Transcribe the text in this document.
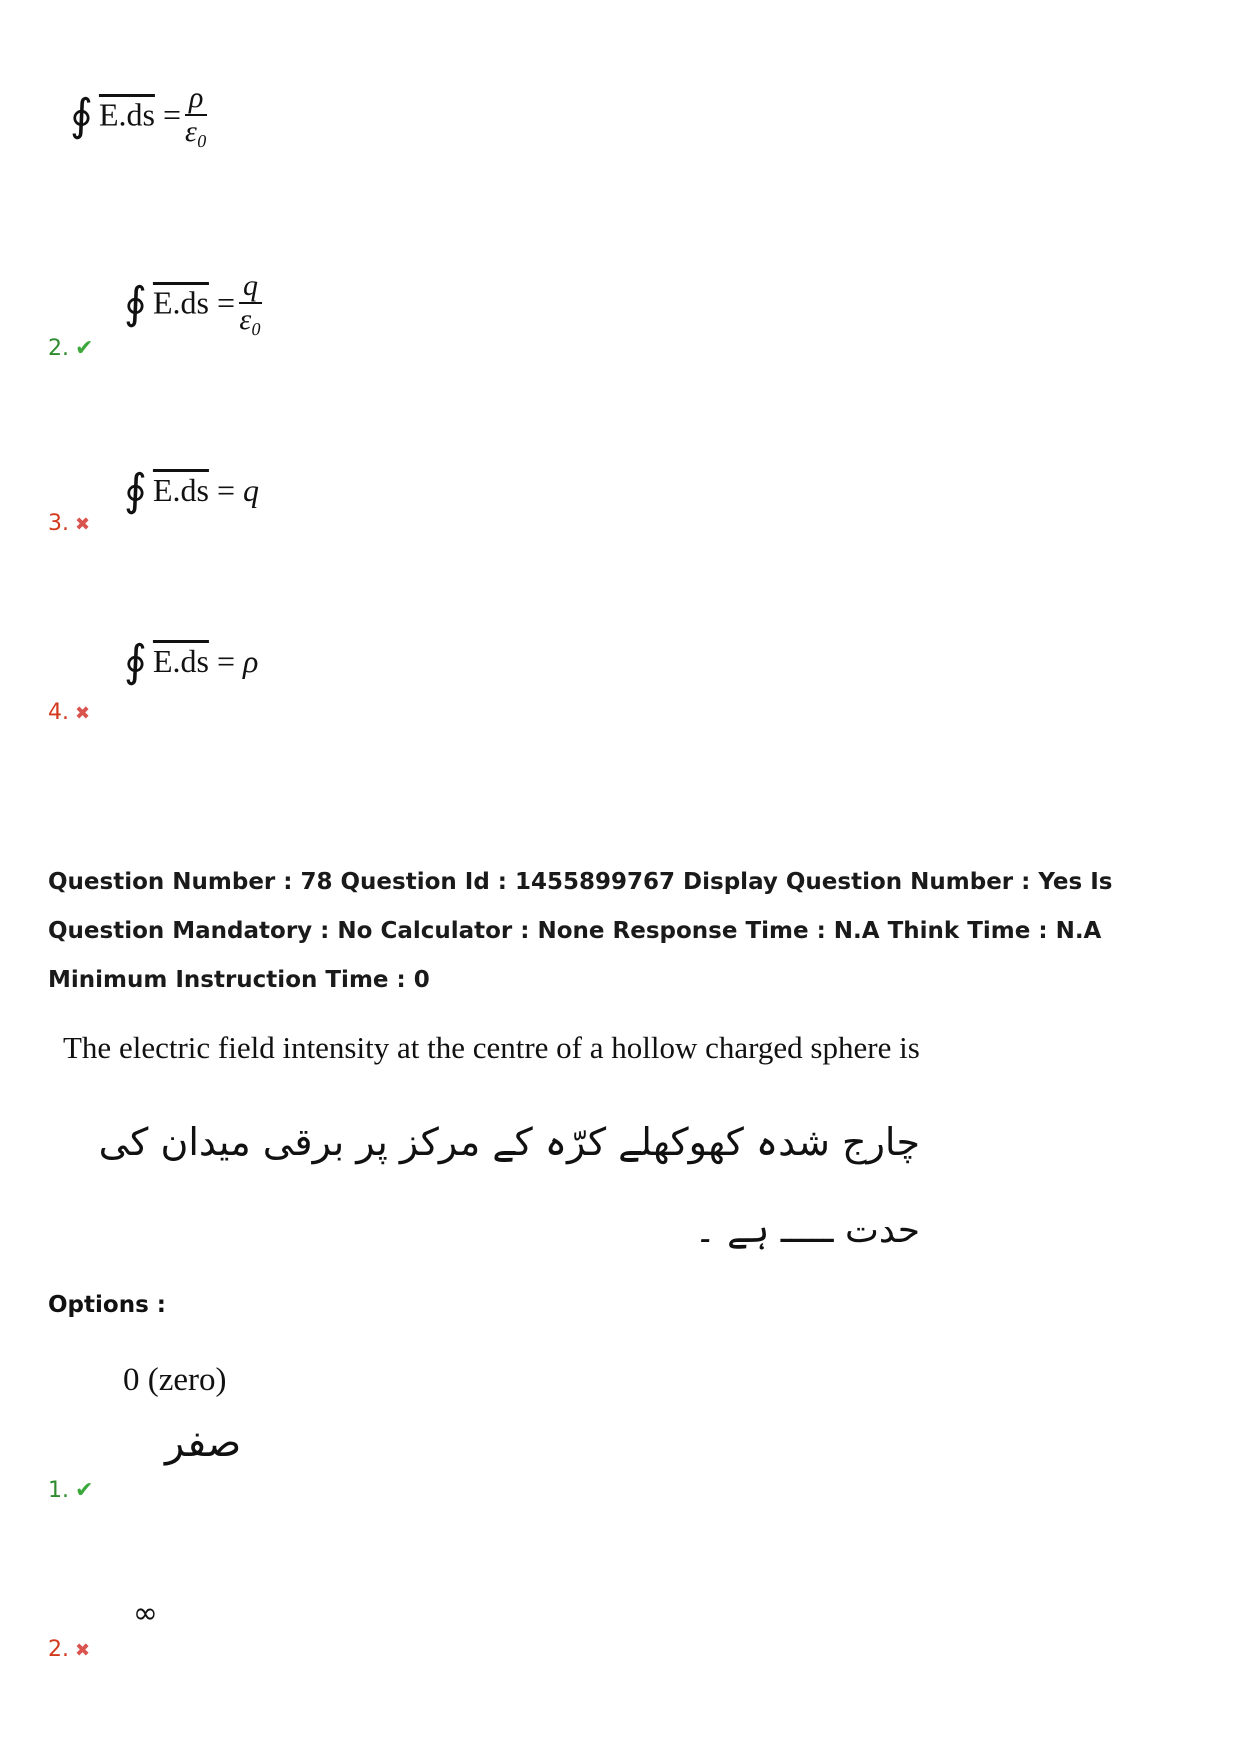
∮ $E.ds = \frac{\rho}{\text{ε₀}}$
∮ $E.ds = \frac{q}{\text{ε₀}}$
2. ✔
∮ E.ds = q
3. ✖
∮ E.ds = ρ
4. ✖
Question Number : 78 Question Id : 1455899767 Display Question Number : Yes Is Question Mandatory : No Calculator : None Response Time : N.A Think Time : N.A Minimum Instruction Time : 0
The electric field intensity at the centre of a hollow charged sphere is
چارج شدہ کھوکھلے کرّہ کے مرکز پر برقی میدان کی
حدت ـــــ ہے ۔
Options :
0 (zero)
صفر
1. ✔
∞
2. ✖
